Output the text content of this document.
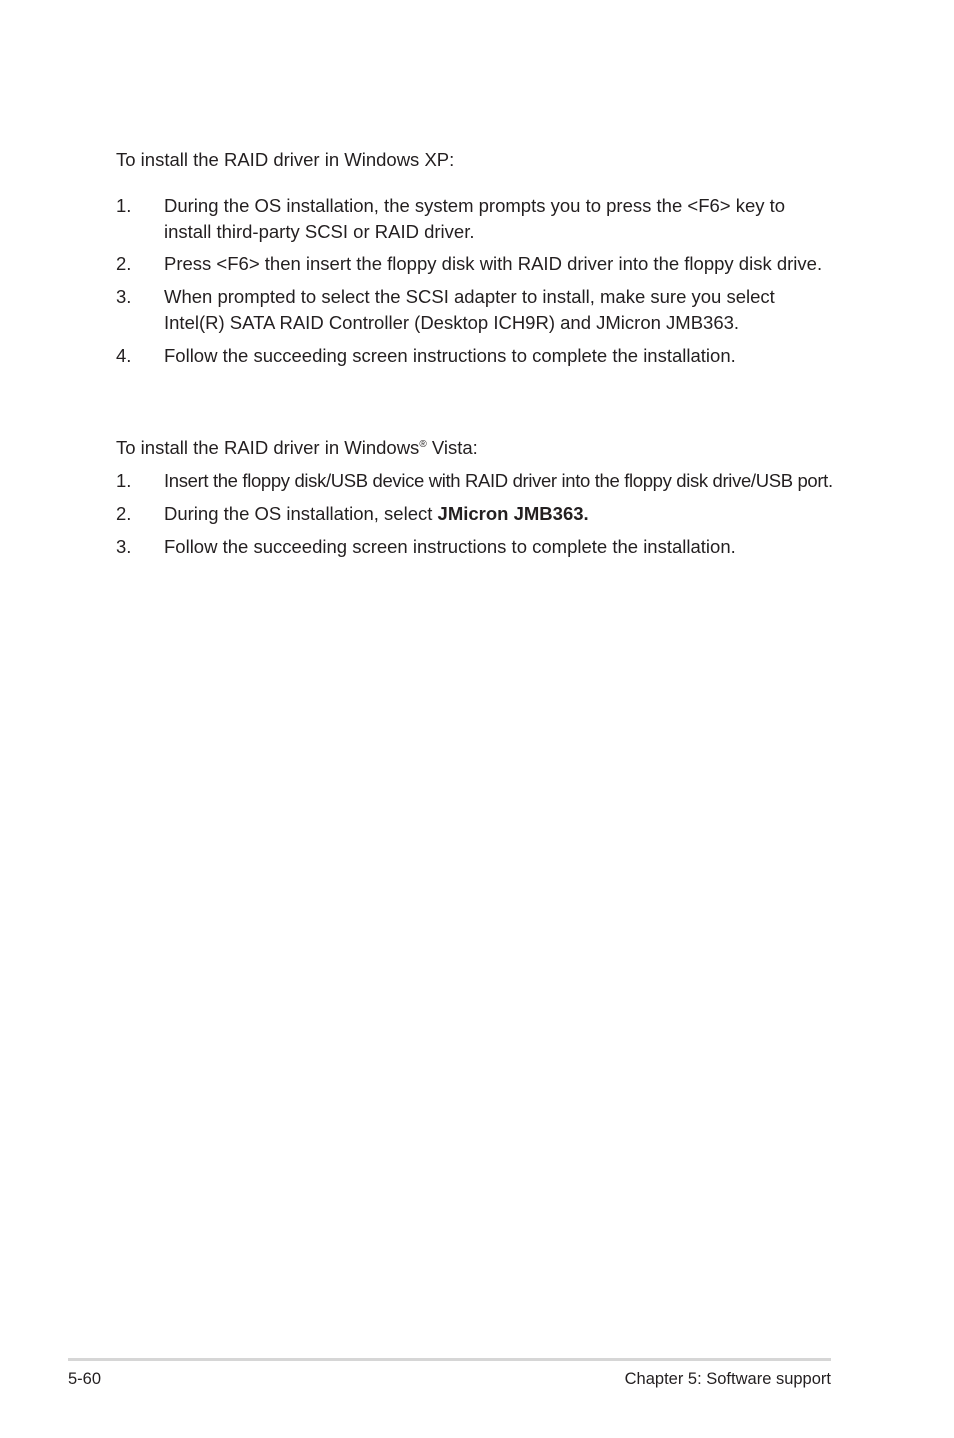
To install the RAID driver in Windows XP:

1.	During the OS installation, the system prompts you to press the <F6> key to install third-party SCSI or RAID driver.
2.	Press <F6> then insert the floppy disk with RAID driver into the floppy disk drive.
3.	When prompted to select the SCSI adapter to install, make sure you select Intel(R) SATA RAID Controller (Desktop ICH9R) and JMicron JMB363.
4.	Follow the succeeding screen instructions to complete the installation.

To install the RAID driver in Windows® Vista:

1.	Insert the floppy disk/USB device with RAID driver into the floppy disk drive/USB port.
2.	During the OS installation, select JMicron JMB363.
3.	Follow the succeeding screen instructions to complete the installation.
5-60	Chapter 5: Software support
